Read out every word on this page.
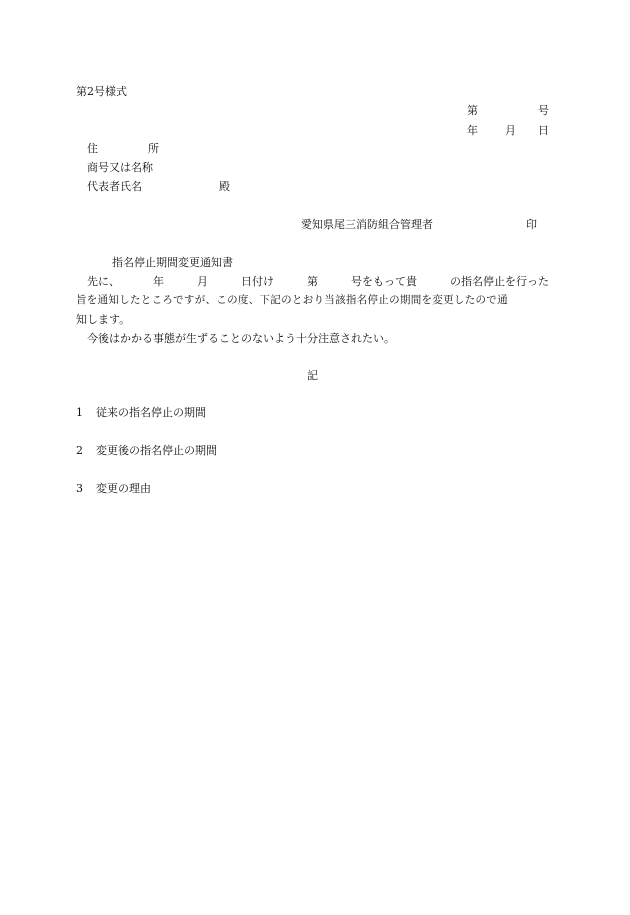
第2号様式
第	号
年 月 日
住	所
商号又は名称
代表者氏名	殿
愛知県尾三消防組合管理者	印
指名停止期間変更通知書
先に、	年	月	日付け	第	号をもって貴	の指名停止を行った
旨を通知したところですが、この度、下記のとおり当該指名停止の期間を変更したので通
知します。
今後はかかる事態が生ずることのないよう十分注意されたい。
記
1 従来の指名停止の期間
2 変更後の指名停止の期間
3 変更の理由
